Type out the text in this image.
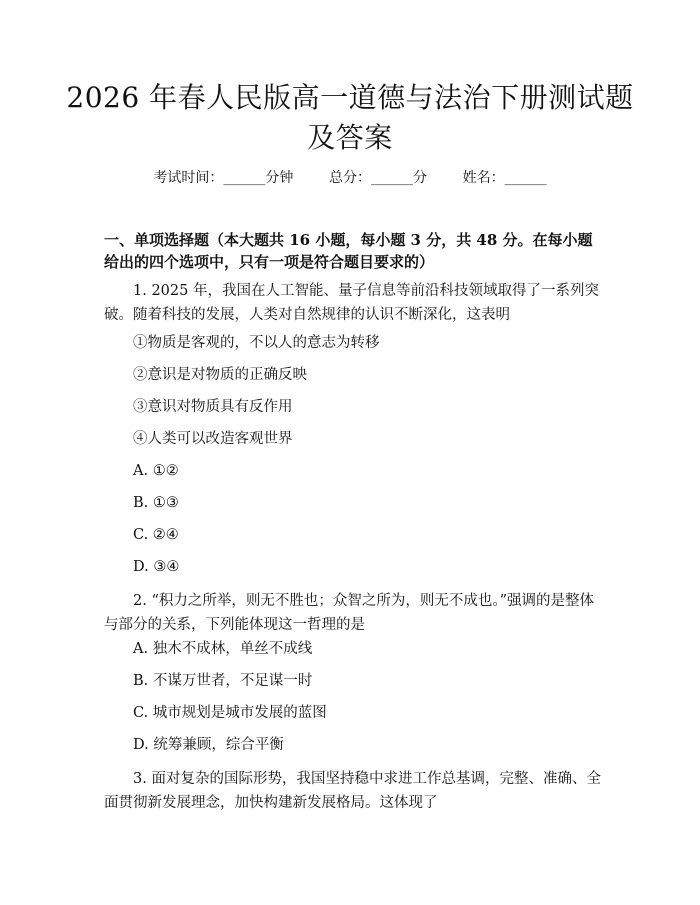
2026 年春人民版高一道德与法治下册测试题
及答案
考试时间：______分钟	总分：______分	姓名：______
一、单项选择题（本大题共 16 小题，每小题 3 分，共 48 分。在每小题给出的四个选项中，只有一项是符合题目要求的）
1. 2025 年，我国在人工智能、量子信息等前沿科技领域取得了一系列突破。随着科技的发展，人类对自然规律的认识不断深化，这表明
①物质是客观的，不以人的意志为转移
②意识是对物质的正确反映
③意识对物质具有反作用
④人类可以改造客观世界
A. ①②
B. ①③
C. ②④
D. ③④
2. “积力之所举，则无不胜也；众智之所为，则无不成也。”强调的是整体与部分的关系，下列能体现这一哲理的是
A. 独木不成林，单丝不成线
B. 不谋万世者，不足谋一时
C. 城市规划是城市发展的蓝图
D. 统筹兼顾，综合平衡
3. 面对复杂的国际形势，我国坚持稳中求进工作总基调，完整、准确、全面贯彻新发展理念，加快构建新发展格局。这体现了
